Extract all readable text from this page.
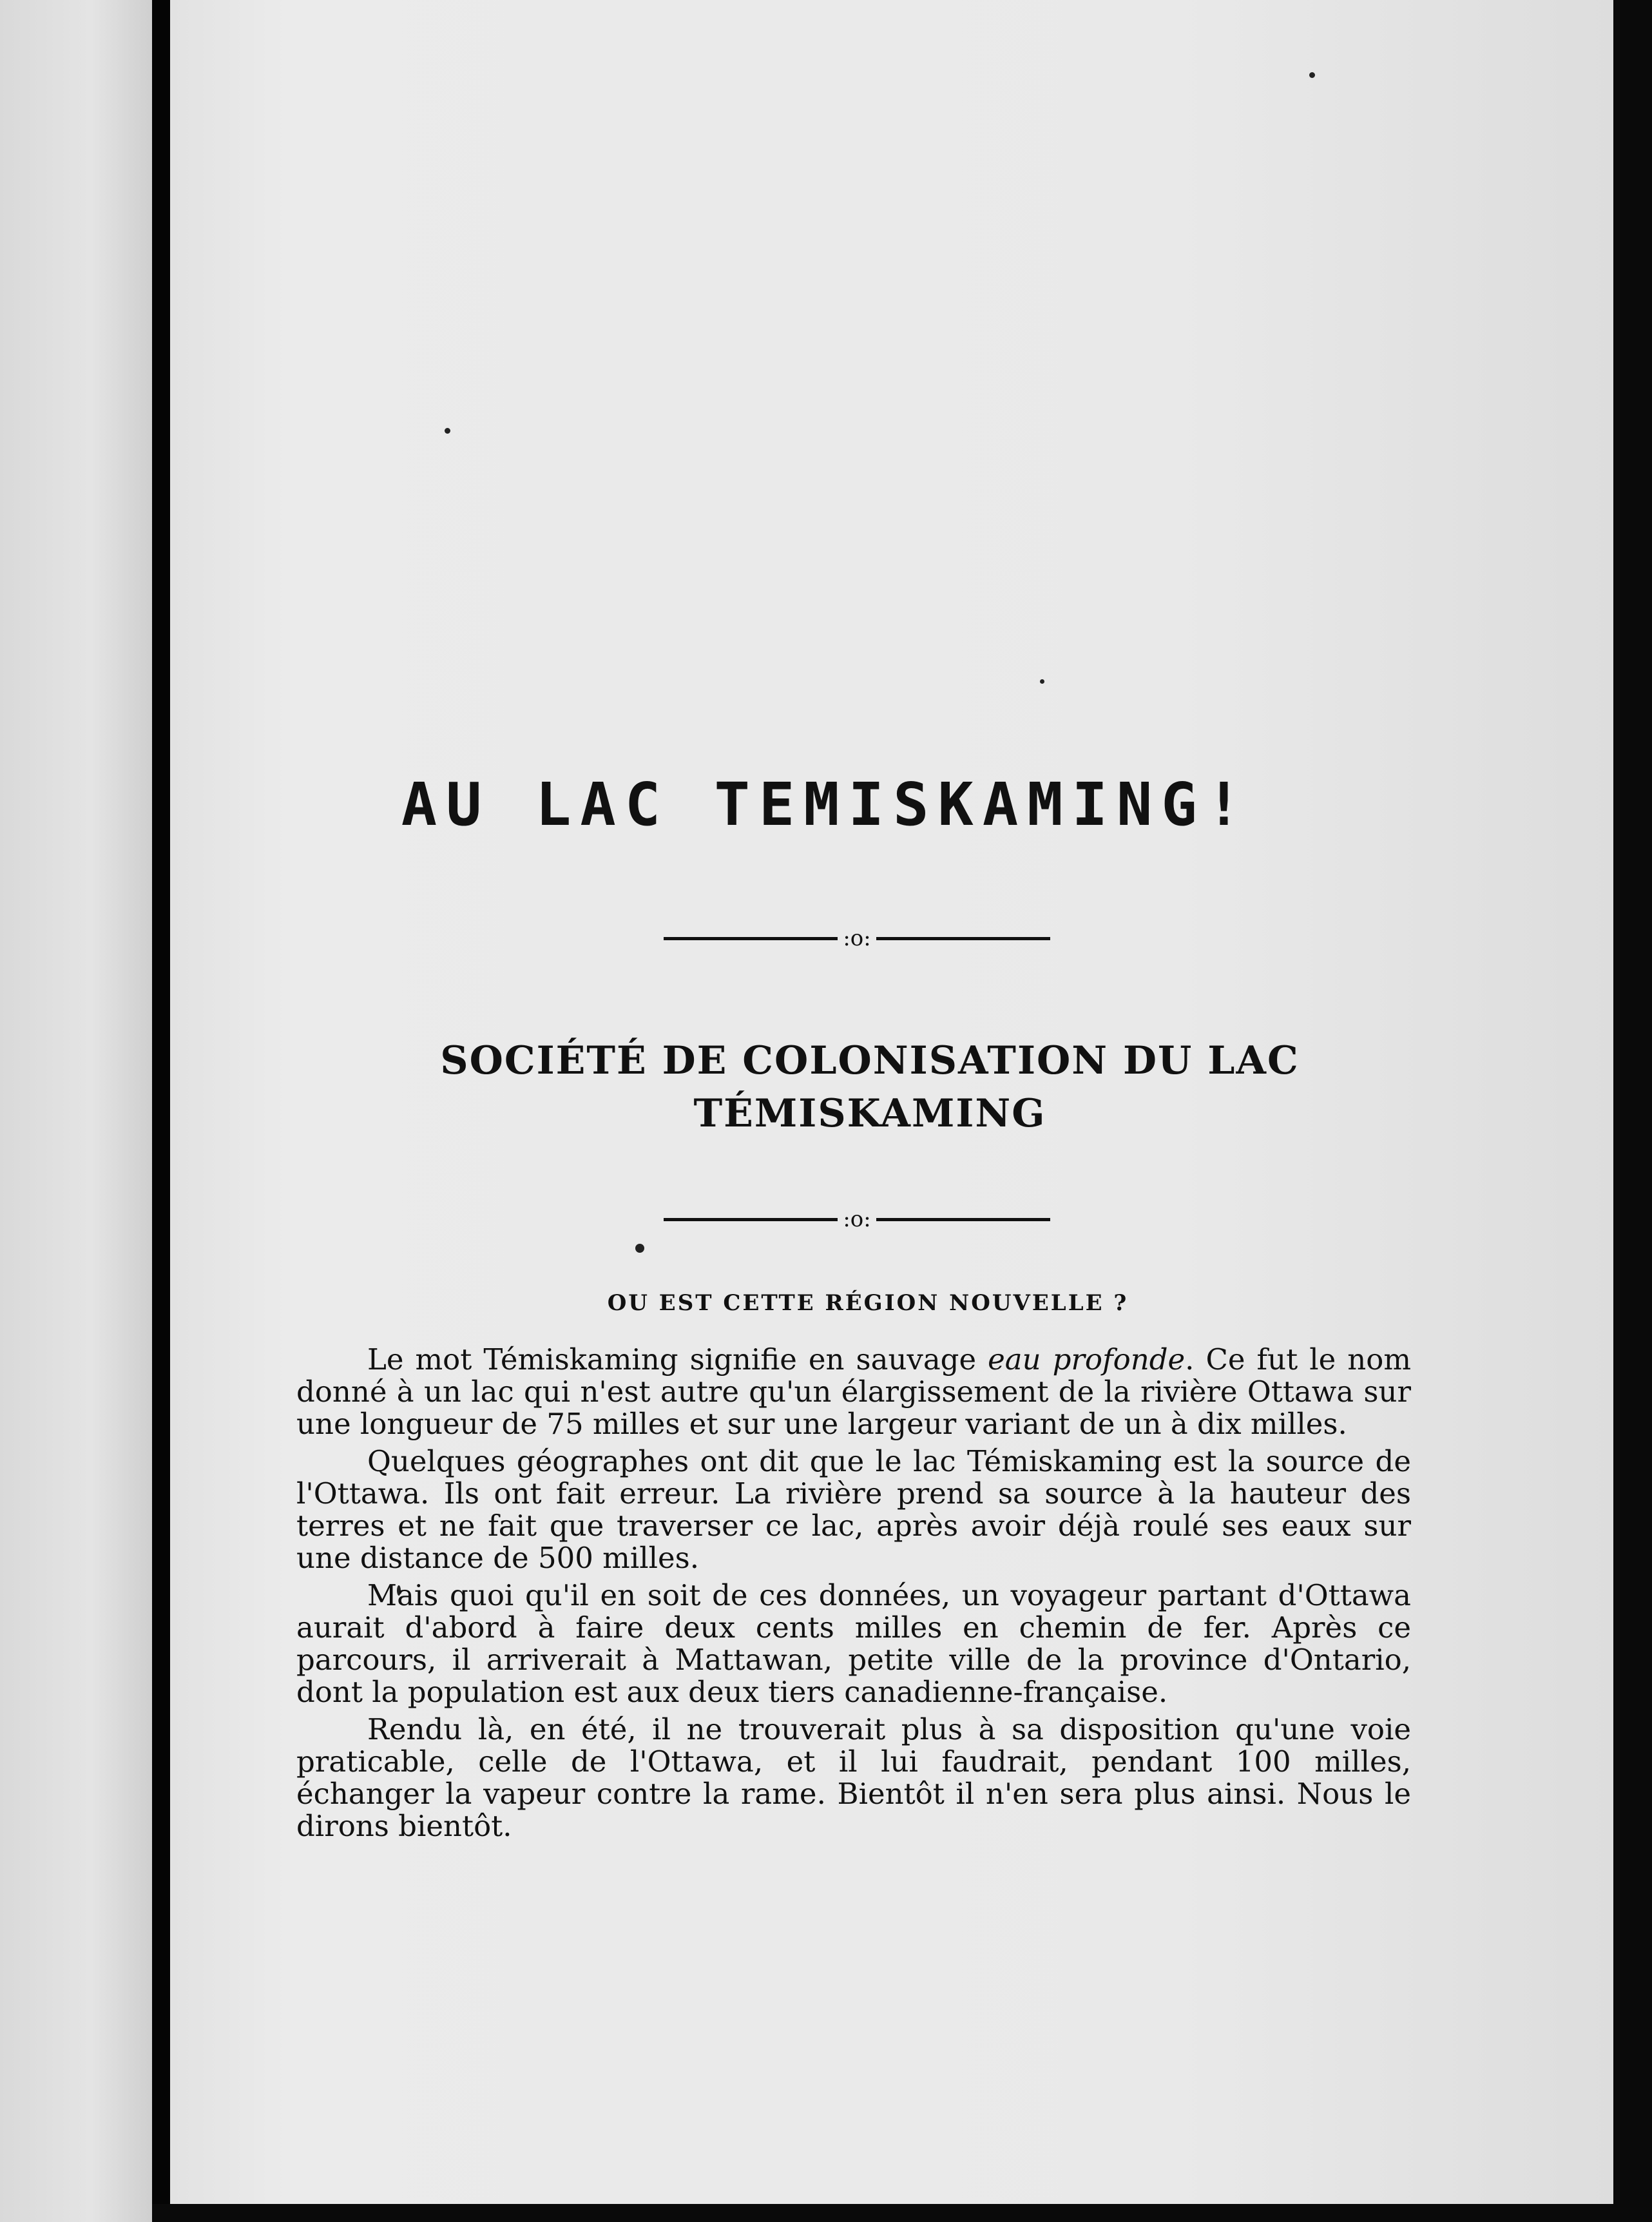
AU LAC TEMISKAMING!
:o:
SOCIÉTÉ DE COLONISATION DU LAC
TÉMISKAMING
:o:
OU EST CETTE RÉGION NOUVELLE ?

Le mot Témiskaming signifie en sauvage eau profonde. Ce fut le nom donné à un lac qui n'est autre qu'un élargissement de la rivière Ottawa sur une longueur de 75 milles et sur une largeur variant de un à dix milles.

Quelques géographes ont dit que le lac Témiskaming est la source de l'Ottawa. Ils ont fait erreur. La rivière prend sa source à la hauteur des terres et ne fait que traverser ce lac, après avoir déjà roulé ses eaux sur une distance de 500 milles.

Mais quoi qu'il en soit de ces données, un voyageur partant d'Ottawa aurait d'abord à faire deux cents milles en chemin de fer. Après ce parcours, il arriverait à Mattawan, petite ville de la province d'Ontario, dont la population est aux deux tiers canadienne-française.

Rendu là, en été, il ne trouverait plus à sa disposition qu'une voie praticable, celle de l'Ottawa, et il lui faudrait, pendant 100 milles, échanger la vapeur contre la rame. Bientôt il n'en sera plus ainsi. Nous le dirons bientôt.
